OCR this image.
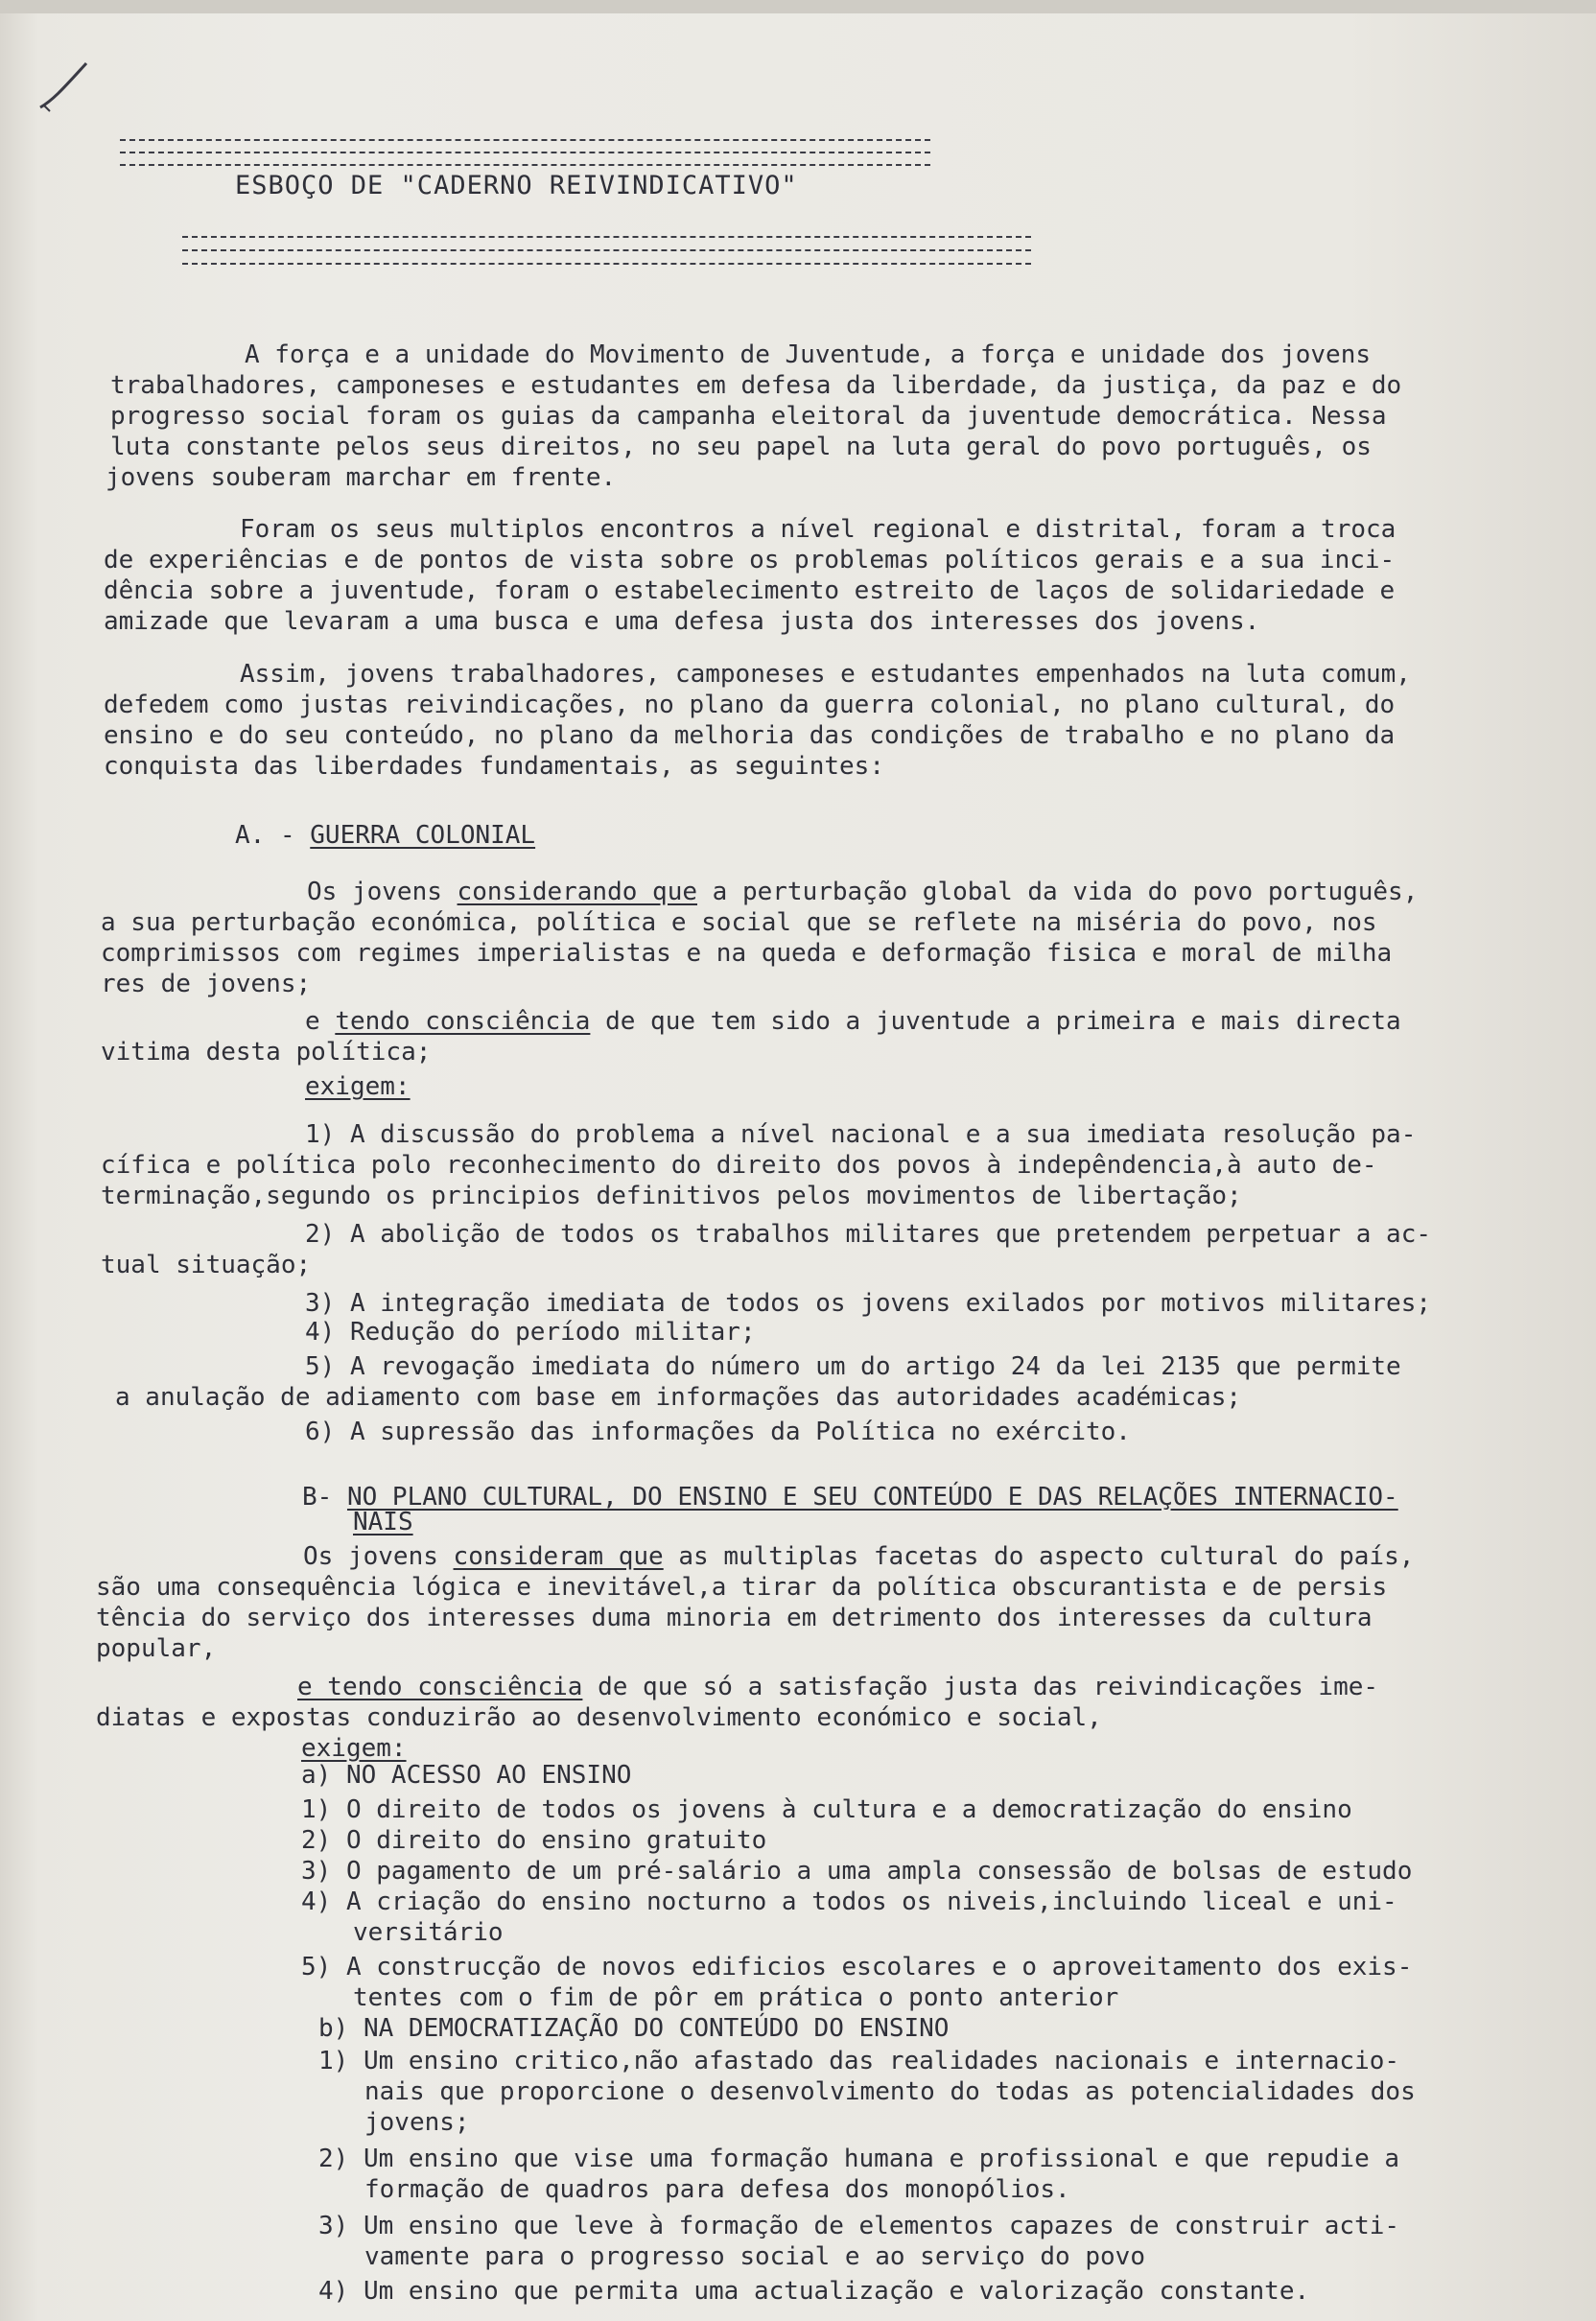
ESBOÇO DE "CADERNO REIVINDICATIVO"

A força e a unidade do Movimento de Juventude, a força e unidade dos jovens

trabalhadores, camponeses e estudantes em defesa da liberdade, da justiça, da paz e do

progresso social foram os guias da campanha eleitoral da juventude democrática. Nessa

luta constante pelos seus direitos, no seu papel na luta geral do povo português, os

jovens souberam marchar em frente.

Foram os seus multiplos encontros a nível regional e distrital, foram a troca

de experiências e de pontos de vista sobre os problemas políticos gerais e a sua inci-

dência sobre a juventude, foram o estabelecimento estreito de laços de solidariedade e

amizade que levaram a uma busca e uma defesa justa dos interesses dos jovens.

Assim, jovens trabalhadores, camponeses e estudantes empenhados na luta comum,

defedem como justas reivindicações, no plano da guerra colonial, no plano cultural, do

ensino e do seu conteúdo, no plano da melhoria das condições de trabalho e no plano da

conquista das liberdades fundamentais, as seguintes:

A. - GUERRA COLONIAL

Os jovens considerando que a perturbação global da vida do povo português,

a sua perturbação económica, política e social que se reflete na miséria do povo, nos

comprimissos com regimes imperialistas e na queda e deformação fisica e moral de milha

res de jovens;

e tendo consciência de que tem sido a juventude a primeira e mais directa

vitima desta política;

exigem:

1) A discussão do problema a nível nacional e a sua imediata resolução pa-

cífica e política polo reconhecimento do direito dos povos à indepêndencia,à auto de-

terminação,segundo os principios definitivos pelos movimentos de libertação;

2) A abolição de todos os trabalhos militares que pretendem perpetuar a ac-

tual situação;

3) A integração imediata de todos os jovens exilados por motivos militares;

4) Redução do período militar;

5) A revogação imediata do número um do artigo 24 da lei 2135 que permite

a anulação de adiamento com base em informações das autoridades académicas;

6) A supressão das informações da Política no exército.

B- NO PLANO CULTURAL, DO ENSINO E SEU CONTEÚDO E DAS RELAÇÕES INTERNACIO-

NAIS

Os jovens consideram que as multiplas facetas do aspecto cultural do país,

são uma consequência lógica e inevitável,a tirar da política obscurantista e de persis

tência do serviço dos interesses duma minoria em detrimento dos interesses da cultura

popular,

e tendo consciência de que só a satisfação justa das reivindicações ime-

diatas e expostas conduzirão ao desenvolvimento económico e social,

exigem:

a) NO ACESSO AO ENSINO

1) O direito de todos os jovens à cultura e a democratização do ensino

2) O direito do ensino gratuito

3) O pagamento de um pré-salário a uma ampla consessão de bolsas de estudo

4) A criação do ensino nocturno a todos os niveis,incluindo liceal e uni-

versitário

5) A construcção de novos edificios escolares e o aproveitamento dos exis-

tentes com o fim de pôr em prática o ponto anterior

b) NA DEMOCRATIZAÇÃO DO CONTEÚDO DO ENSINO

1) Um ensino critico,não afastado das realidades nacionais e internacio-

nais que proporcione o desenvolvimento do todas as potencialidades dos

jovens;

2) Um ensino que vise uma formação humana e profissional e que repudie a

formação de quadros para defesa dos monopólios.

3) Um ensino que leve à formação de elementos capazes de construir acti-

vamente para o progresso social e ao serviço do povo

4) Um ensino que permita uma actualização e valorização constante.
